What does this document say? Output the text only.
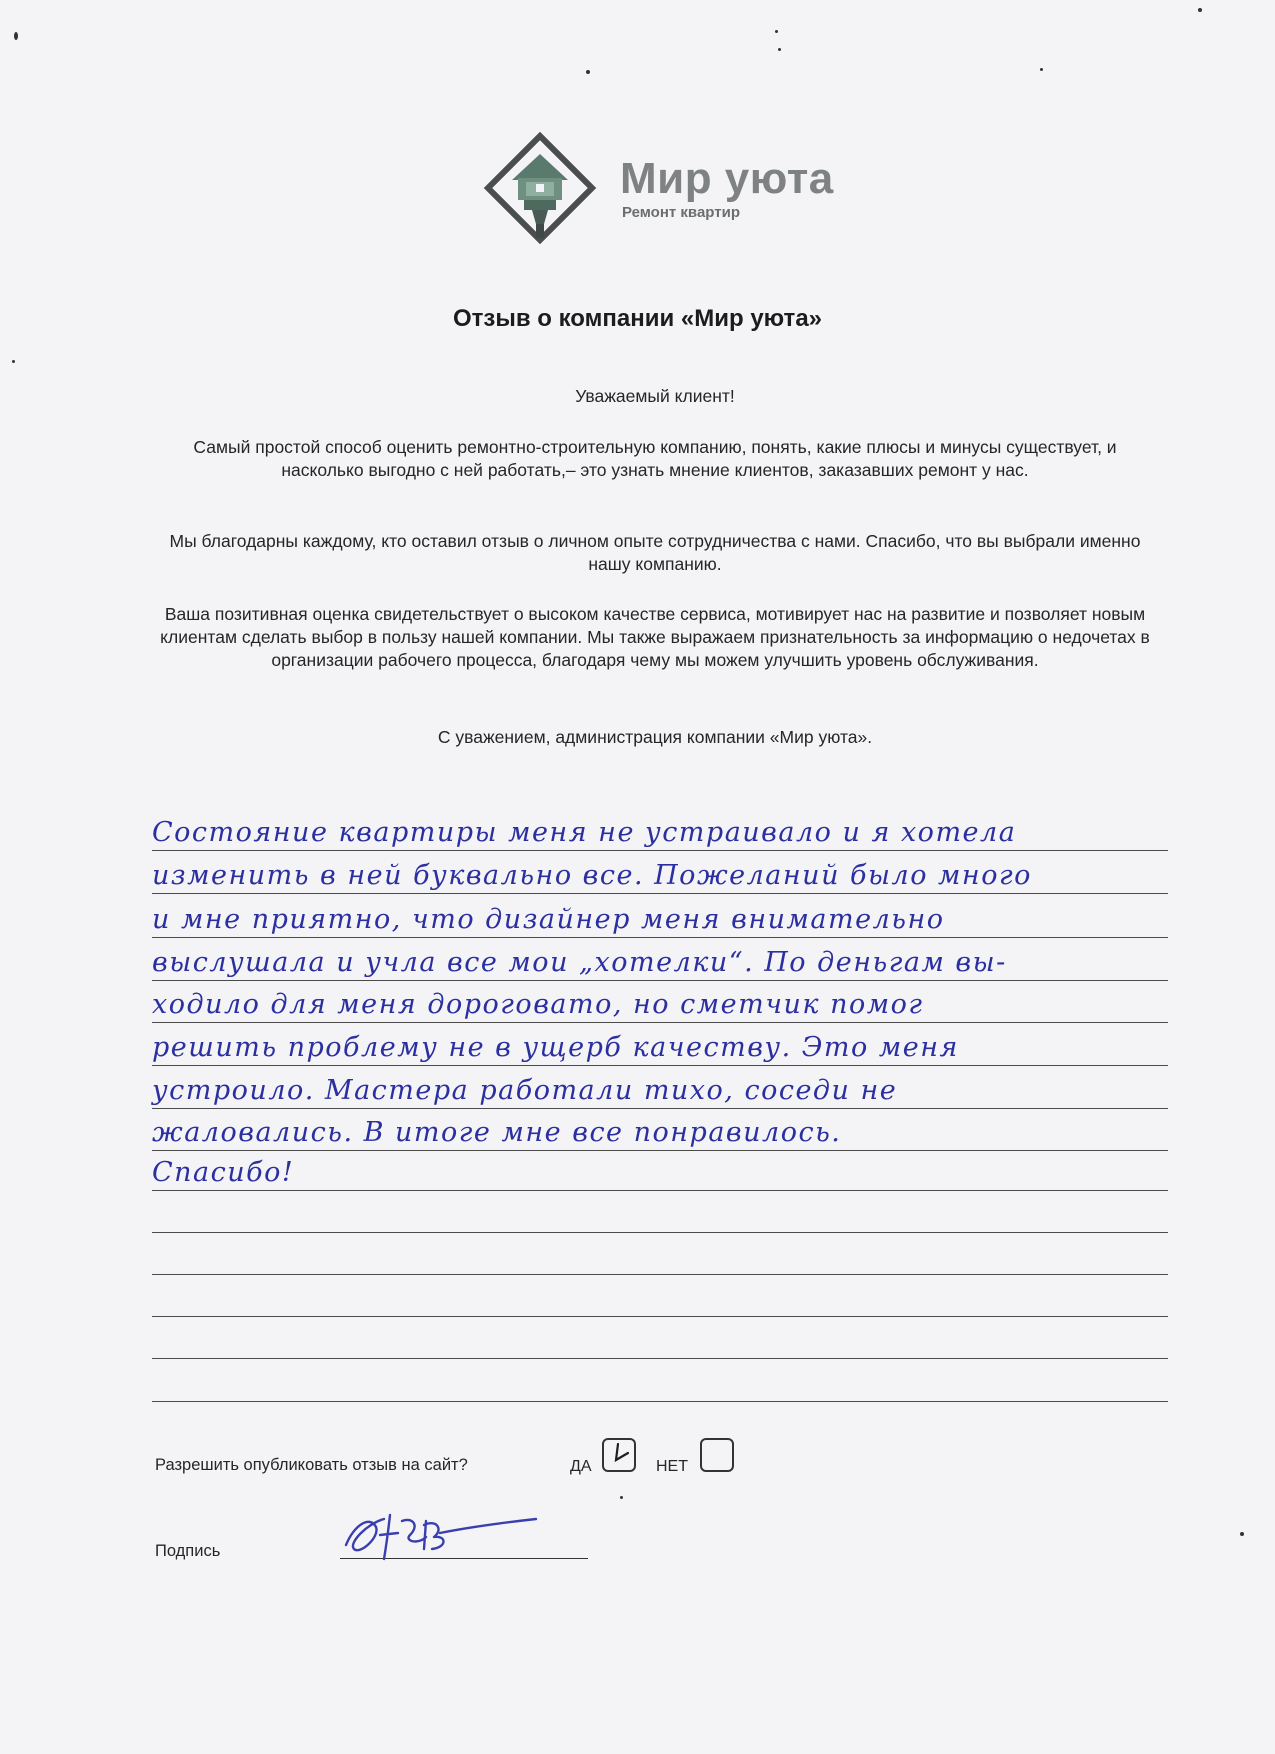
Мир уюта
Ремонт квартир
Отзыв о компании «Мир уюта»
Уважаемый клиент!
Самый простой способ оценить ремонтно-строительную компанию, понять, какие плюсы и минусы существует, и насколько выгодно с ней работать,– это узнать мнение клиентов, заказавших ремонт у нас.
Мы благодарны каждому, кто оставил отзыв о личном опыте сотрудничества с нами. Спасибо, что вы выбрали именно нашу компанию.
Ваша позитивная оценка свидетельствует о высоком качестве сервиса, мотивирует нас на развитие и позволяет новым клиентам сделать выбор в пользу нашей компании. Мы также выражаем признательность за информацию о недочетах в организации рабочего процесса, благодаря чему мы можем улучшить уровень обслуживания.
С уважением, администрация компании «Мир уюта».
Состояние квартиры меня не устраивало и я хотела
изменить в ней буквально все. Пожеланий было много
и мне приятно, что дизайнер меня внимательно
выслушала и учла все мои „хотелки“. По деньгам вы-
ходило для меня дороговато, но сметчик помог
решить проблему не в ущерб качеству. Это меня
устроило. Мастера работали тихо, соседи не
жаловались. В итоге мне все понравилось.
Спасибо!
Разрешить опубликовать отзыв на сайт?	ДА	НЕТ
Подпись
